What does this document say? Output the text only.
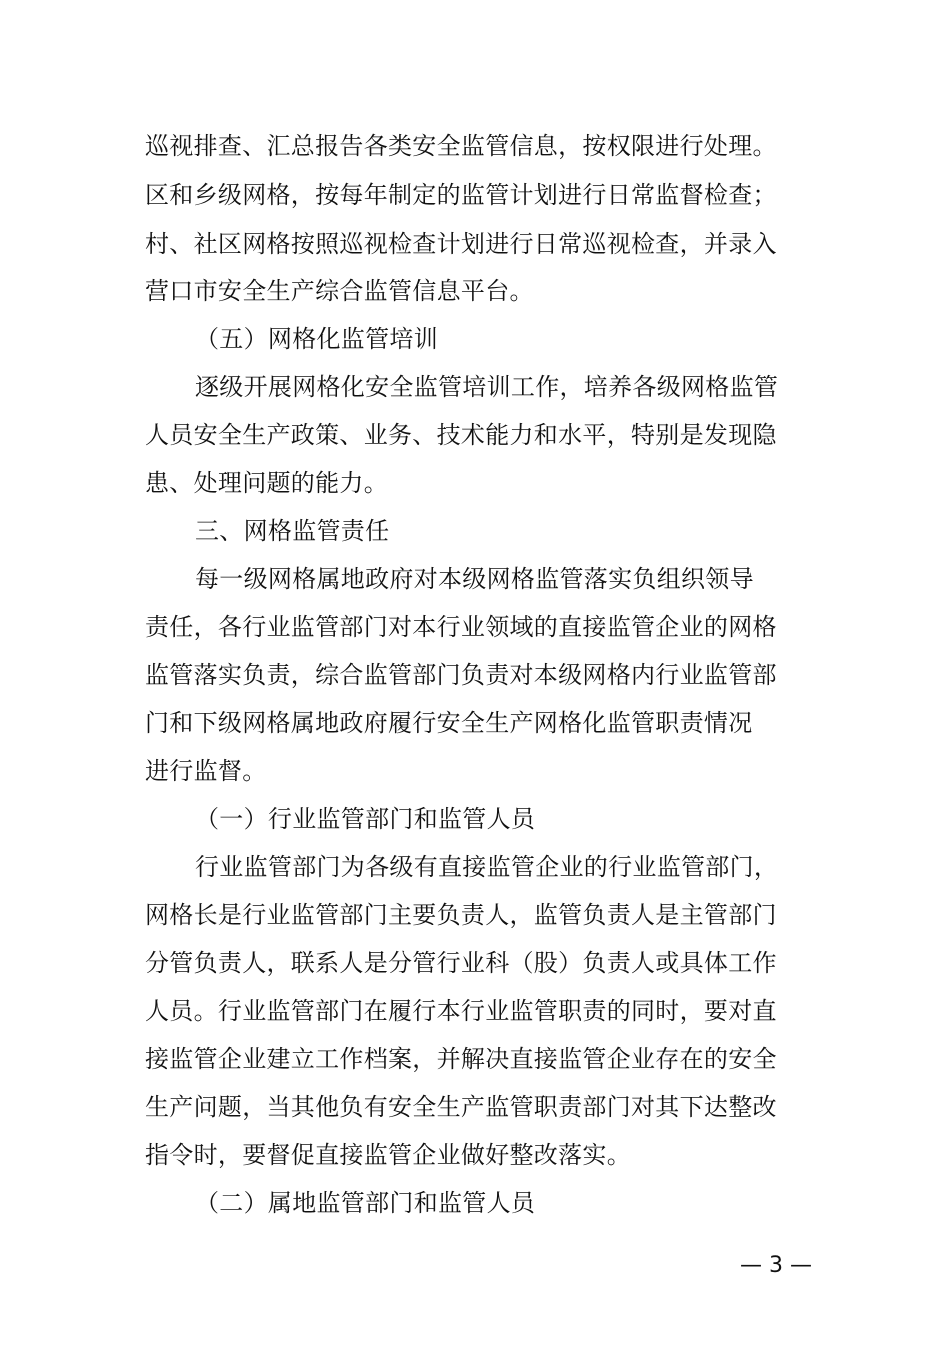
巡视排查、汇总报告各类安全监管信息，按权限进行处理。
区和乡级网格，按每年制定的监管计划进行日常监督检查；
村、社区网格按照巡视检查计划进行日常巡视检查，并录入
营口市安全生产综合监管信息平台。
（五）网格化监管培训
逐级开展网格化安全监管培训工作，培养各级网格监管
人员安全生产政策、业务、技术能力和水平，特别是发现隐
患、处理问题的能力。
三、网格监管责任
每一级网格属地政府对本级网格监管落实负组织领导
责任，各行业监管部门对本行业领域的直接监管企业的网格
监管落实负责，综合监管部门负责对本级网格内行业监管部
门和下级网格属地政府履行安全生产网格化监管职责情况
进行监督。
（一）行业监管部门和监管人员
行业监管部门为各级有直接监管企业的行业监管部门，
网格长是行业监管部门主要负责人，监管负责人是主管部门
分管负责人，联系人是分管行业科（股）负责人或具体工作
人员。行业监管部门在履行本行业监管职责的同时，要对直
接监管企业建立工作档案，并解决直接监管企业存在的安全
生产问题，当其他负有安全生产监管职责部门对其下达整改
指令时，要督促直接监管企业做好整改落实。
（二）属地监管部门和监管人员
— 3 —
